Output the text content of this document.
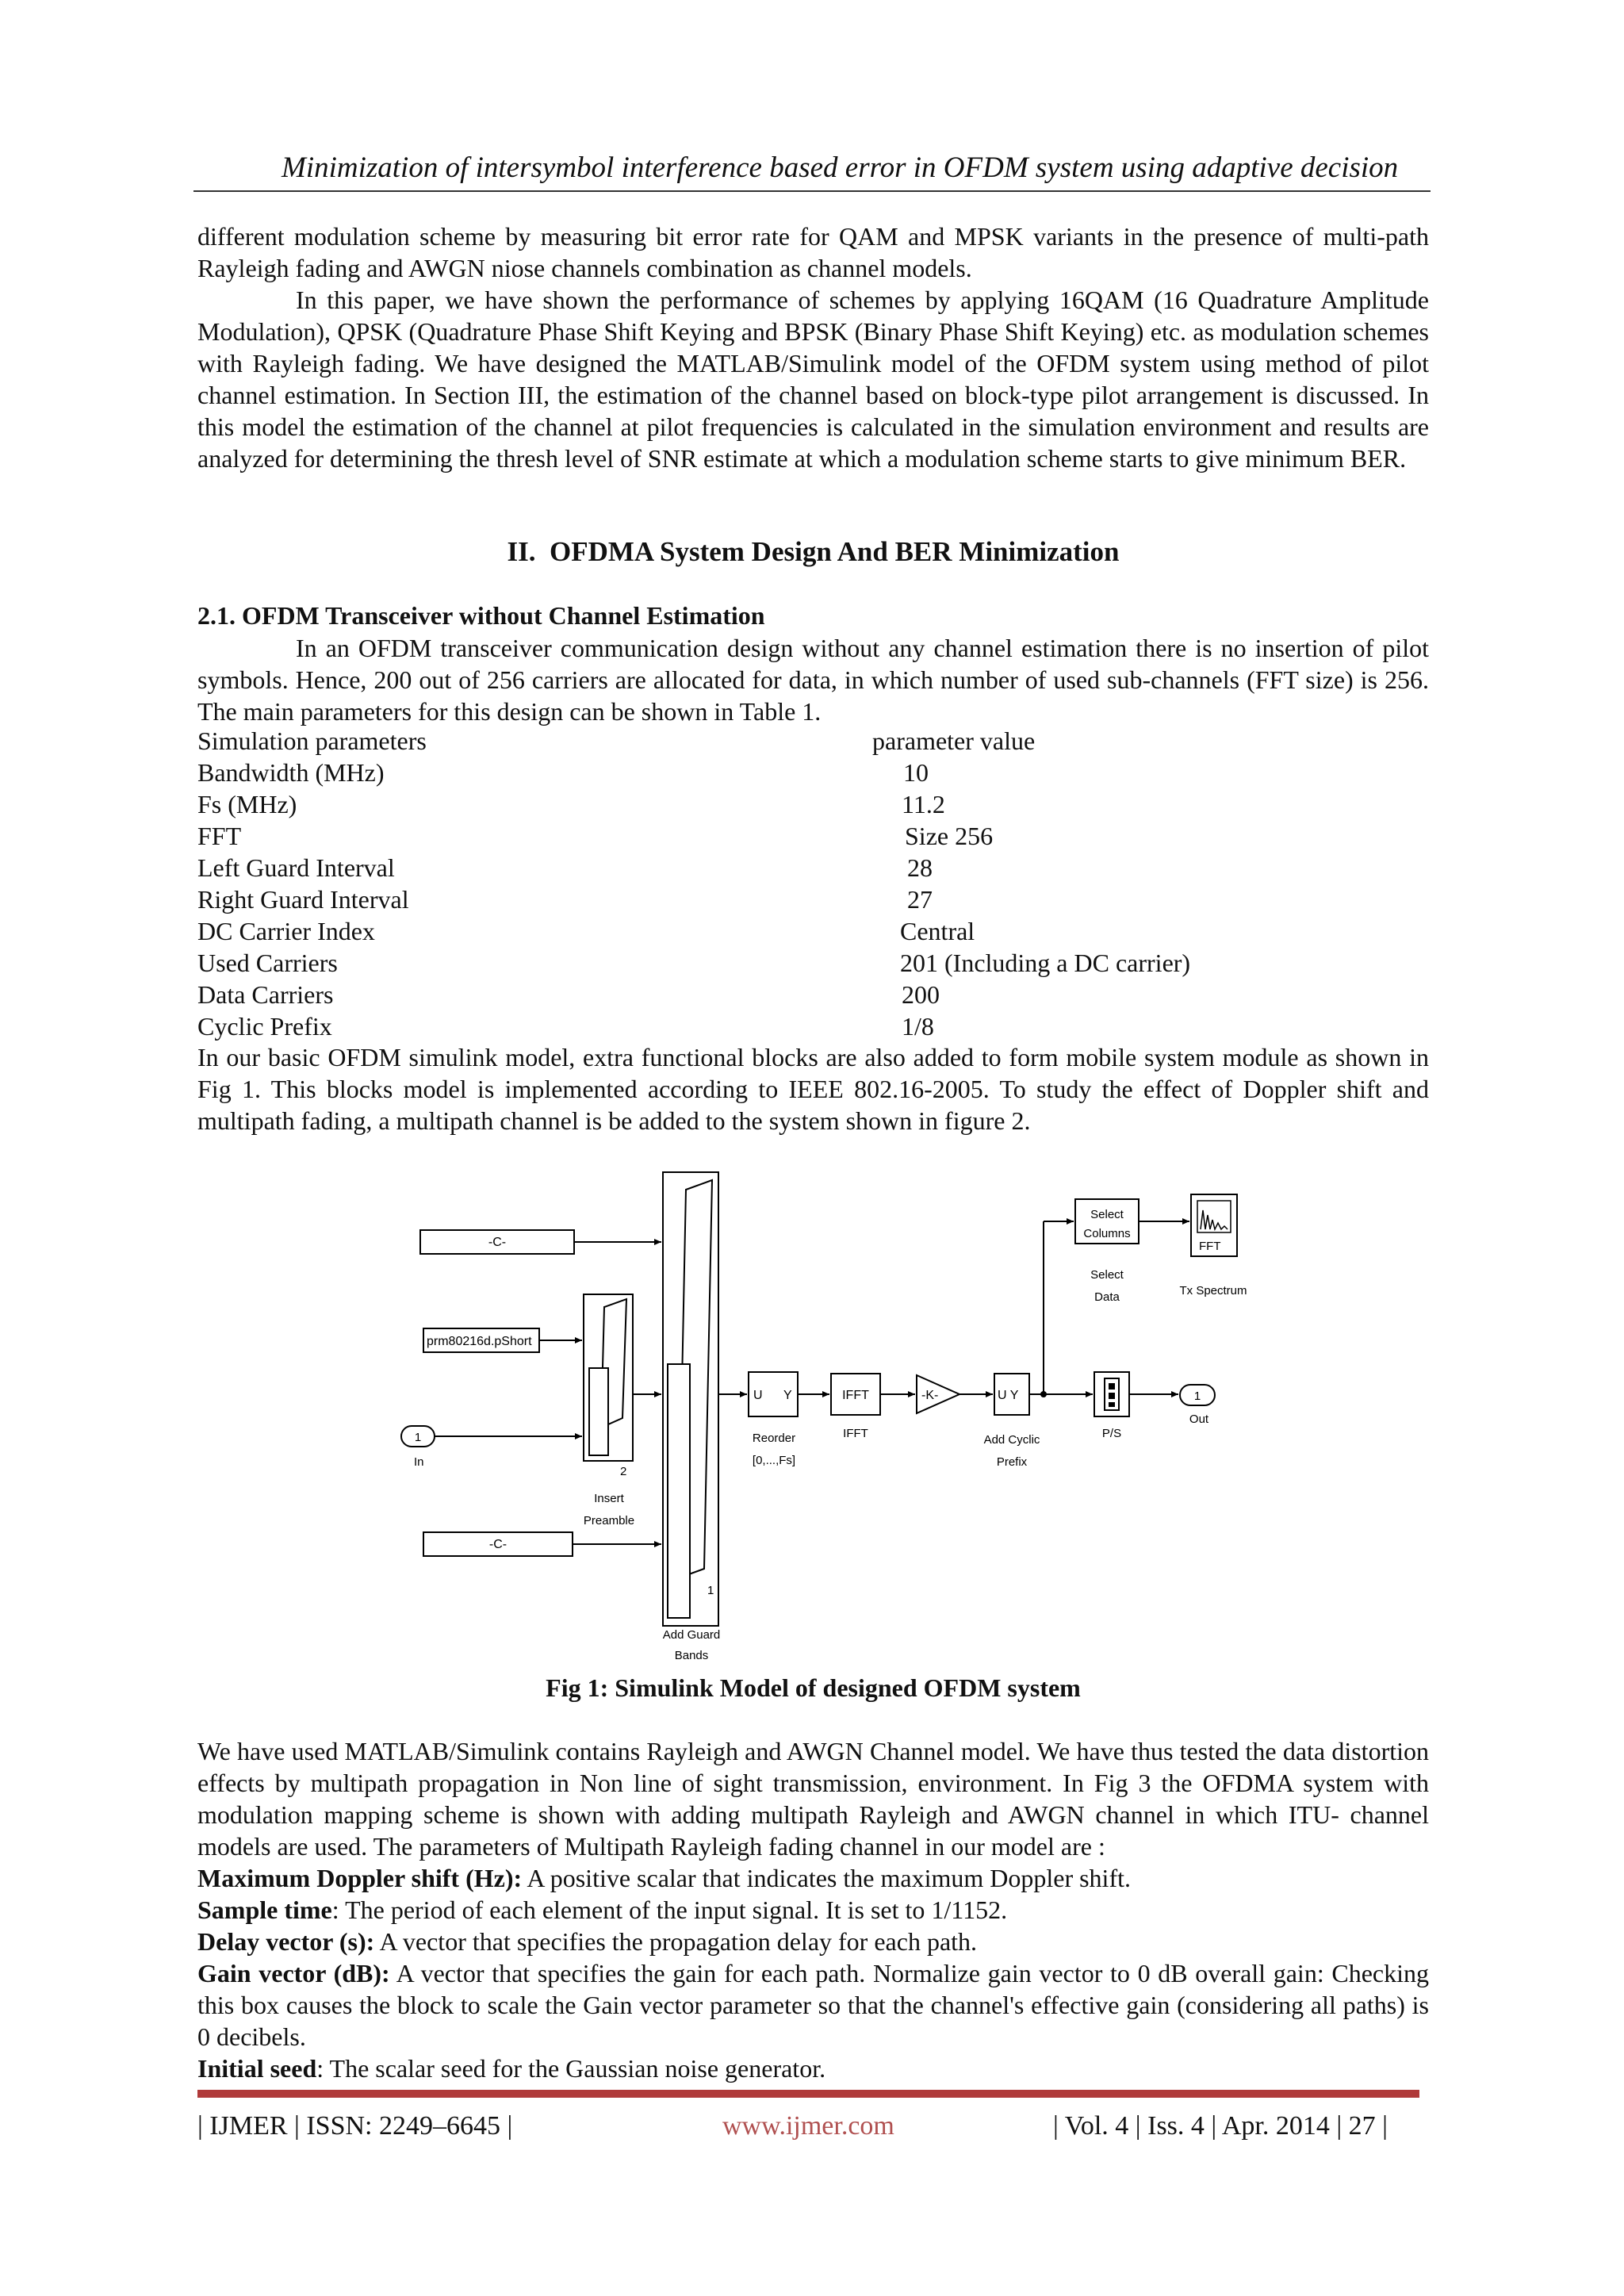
Minimization of intersymbol interference based error in OFDM system using adaptive decision

different modulation scheme by measuring bit error rate for QAM and MPSK variants in the presence of multi-path Rayleigh fading and AWGN niose channels combination as channel models.

In this paper, we have shown the performance of schemes by applying 16QAM (16 Quadrature Amplitude Modulation), QPSK (Quadrature Phase Shift Keying and BPSK (Binary Phase Shift Keying) etc. as modulation schemes with Rayleigh fading. We have designed the MATLAB/Simulink model of the OFDM system using method of pilot channel estimation. In Section III, the estimation of the channel based on block-type pilot arrangement is discussed. In this model the estimation of the channel at pilot frequencies is calculated in the simulation environment and results are analyzed for determining the thresh level of SNR estimate at which a modulation scheme starts to give minimum BER.

II.  OFDMA System Design And BER Minimization
2.1. OFDM Transceiver without Channel Estimation

In an OFDM transceiver communication design without any channel estimation there is no insertion of pilot symbols. Hence, 200 out of 256 carriers are allocated for data, in which number of used sub-channels (FFT size) is 256. The main parameters for this design can be shown in Table 1.

Simulation parameters	parameter value
Bandwidth (MHz)	10
Fs (MHz)	11.2
FFT	Size 256
Left Guard Interval	28
Right Guard Interval	27
DC Carrier Index	Central
Used Carriers	201 (Including a DC carrier)
Data Carriers	200
Cyclic Prefix	1/8

In our basic OFDM simulink model, extra functional blocks are also added to form mobile system module as shown in Fig 1. This blocks model is implemented according to IEEE 802.16-2005. To study the effect of Doppler shift and multipath fading, a multipath channel is be added to the system shown in figure 2.

-C-
prm80216d.pShort
1
In
-C-
2
Insert
Preamble
1
Add Guard
Bands
U Y
Reorder
[0,...,Fs]
IFFT
IFFT
-K-	U Y
Add Cyclic
Prefix
P/S
1
Out
Select
Columns
Select
Data
FFT
Tx Spectrum
Fig 1: Simulink Model of designed OFDM system

We have used MATLAB/Simulink contains Rayleigh and AWGN Channel model. We have thus tested the data distortion effects by multipath propagation in Non line of sight transmission, environment. In Fig 3 the OFDMA system with modulation mapping scheme is shown with adding multipath Rayleigh and AWGN channel in which ITU- channel models are used. The parameters of Multipath Rayleigh fading channel in our model are :

Maximum Doppler shift (Hz): A positive scalar that indicates the maximum Doppler shift.

Sample time: The period of each element of the input signal. It is set to 1/1152.

Delay vector (s): A vector that specifies the propagation delay for each path.

Gain vector (dB): A vector that specifies the gain for each path. Normalize gain vector to 0 dB overall gain: Checking this box causes the block to scale the Gain vector parameter so that the channel's effective gain (considering all paths) is 0 decibels.

Initial seed: The scalar seed for the Gaussian noise generator.

| IJMER | ISSN: 2249–6645 |	www.ijmer.com	| Vol. 4 | Iss. 4 | Apr. 2014 | 27 |
